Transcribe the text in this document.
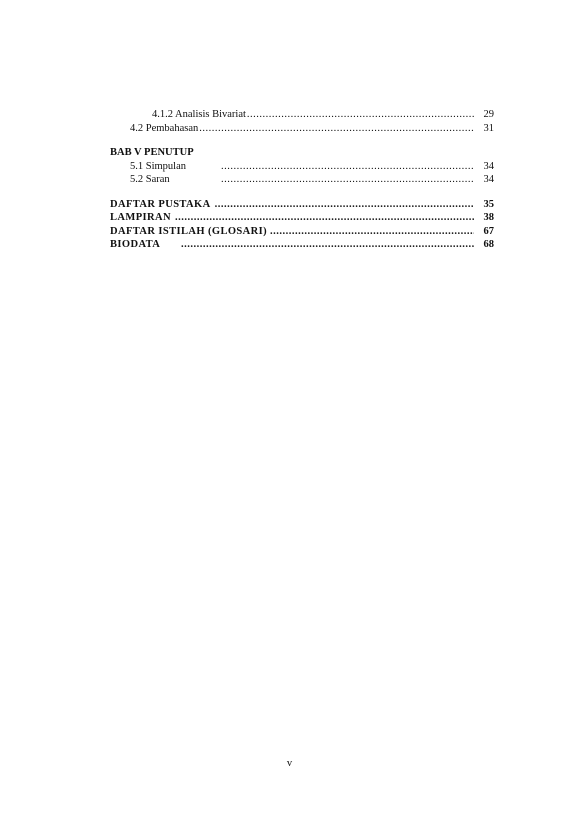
4.1.2 Analisis Bivariat .....	29
4.2 Pembahasan .....	31
BAB V PENUTUP
5.1 Simpulan .....	34
5.2 Saran .....	34
DAFTAR PUSTAKA .....	35
LAMPIRAN .....	38
DAFTAR ISTILAH (GLOSARI) .....	67
BIODATA .....	68
v
